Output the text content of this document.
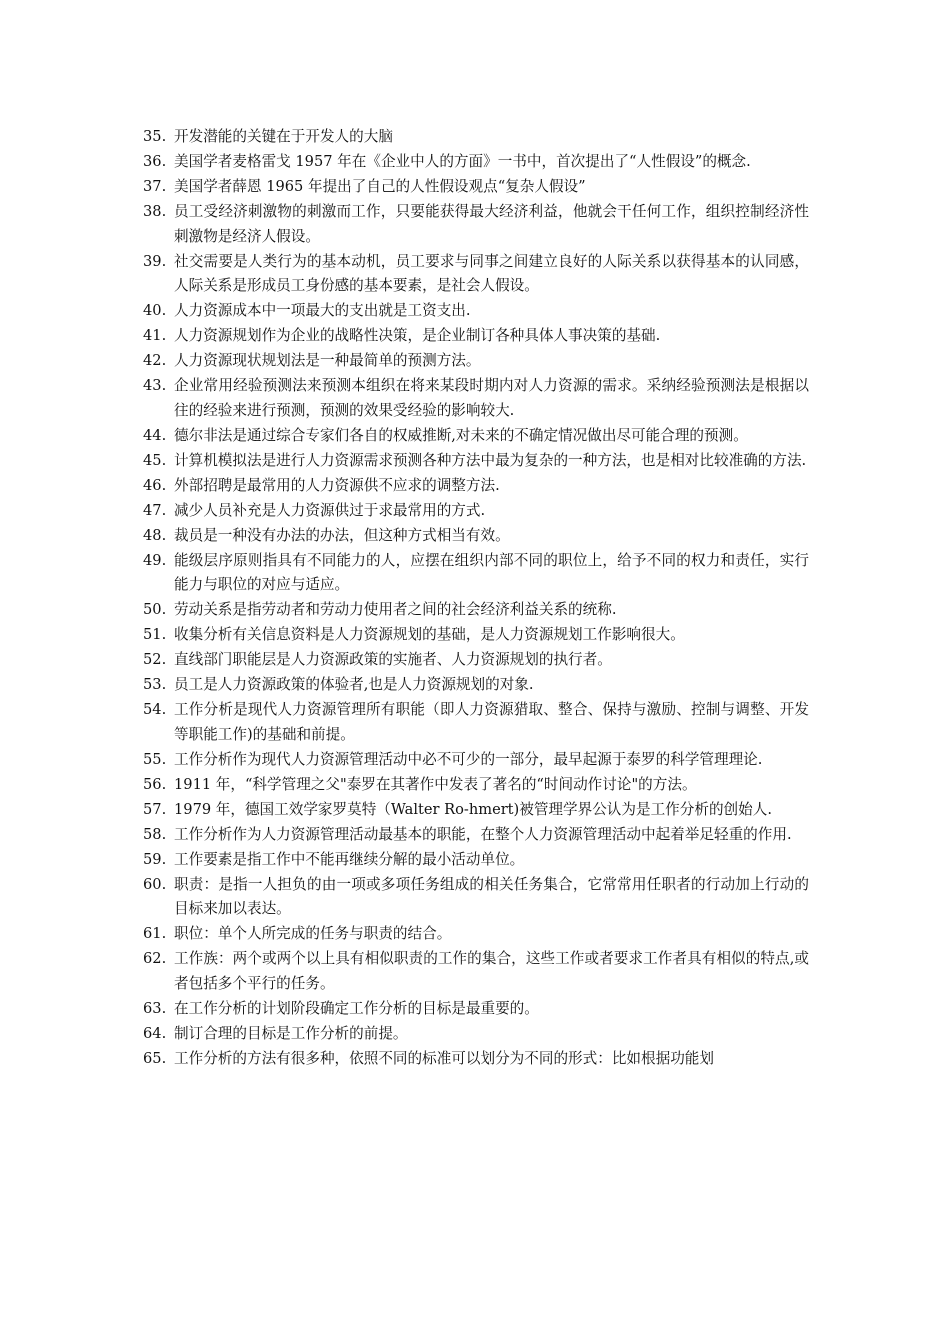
35. 开发潜能的关键在于开发人的大脑
36. 美国学者麦格雷戈 1957 年在《企业中人的方面》一书中，首次提出了“人性假设”的概念.
37. 美国学者薛恩 1965 年提出了自己的人性假设观点“复杂人假设”
38. 员工受经济刺激物的刺激而工作，只要能获得最大经济利益，他就会干任何工作，组织控制经济性刺激物是经济人假设。
39. 社交需要是人类行为的基本动机，员工要求与同事之间建立良好的人际关系以获得基本的认同感，人际关系是形成员工身份感的基本要素，是社会人假设。
40. 人力资源成本中一项最大的支出就是工资支出.
41. 人力资源规划作为企业的战略性决策，是企业制订各种具体人事决策的基础.
42. 人力资源现状规划法是一种最简单的预测方法。
43. 企业常用经验预测法来预测本组织在将来某段时期内对人力资源的需求。采纳经验预测法是根据以往的经验来进行预测，预测的效果受经验的影响较大.
44. 德尔非法是通过综合专家们各自的权威推断,对未来的不确定情况做出尽可能合理的预测。
45. 计算机模拟法是进行人力资源需求预测各种方法中最为复杂的一种方法，也是相对比较准确的方法.
46. 外部招聘是最常用的人力资源供不应求的调整方法.
47. 减少人员补充是人力资源供过于求最常用的方式.
48. 裁员是一种没有办法的办法，但这种方式相当有效。
49. 能级层序原则指具有不同能力的人，应摆在组织内部不同的职位上，给予不同的权力和责任，实行能力与职位的对应与适应。
50. 劳动关系是指劳动者和劳动力使用者之间的社会经济利益关系的统称.
51. 收集分析有关信息资料是人力资源规划的基础，是人力资源规划工作影响很大。
52. 直线部门职能层是人力资源政策的实施者、人力资源规划的执行者。
53. 员工是人力资源政策的体验者,也是人力资源规划的对象.
54. 工作分析是现代人力资源管理所有职能（即人力资源猎取、整合、保持与激励、控制与调整、开发等职能工作)的基础和前提。
55. 工作分析作为现代人力资源管理活动中必不可少的一部分，最早起源于泰罗的科学管理理论.
56. 1911 年，“科学管理之父"泰罗在其著作中发表了著名的“时间动作讨论"的方法。
57. 1979 年，德国工效学家罗莫特（Walter Ro-hmert)被管理学界公认为是工作分析的创始人.
58. 工作分析作为人力资源管理活动最基本的职能，在整个人力资源管理活动中起着举足轻重的作用.
59. 工作要素是指工作中不能再继续分解的最小活动单位。
60. 职责：是指一人担负的由一项或多项任务组成的相关任务集合，它常常用任职者的行动加上行动的目标来加以表达。
61. 职位：单个人所完成的任务与职责的结合。
62. 工作族：两个或两个以上具有相似职责的工作的集合，这些工作或者要求工作者具有相似的特点,或者包括多个平行的任务。
63. 在工作分析的计划阶段确定工作分析的目标是最重要的。
64. 制订合理的目标是工作分析的前提。
65. 工作分析的方法有很多种，依照不同的标准可以划分为不同的形式：比如根据功能划
